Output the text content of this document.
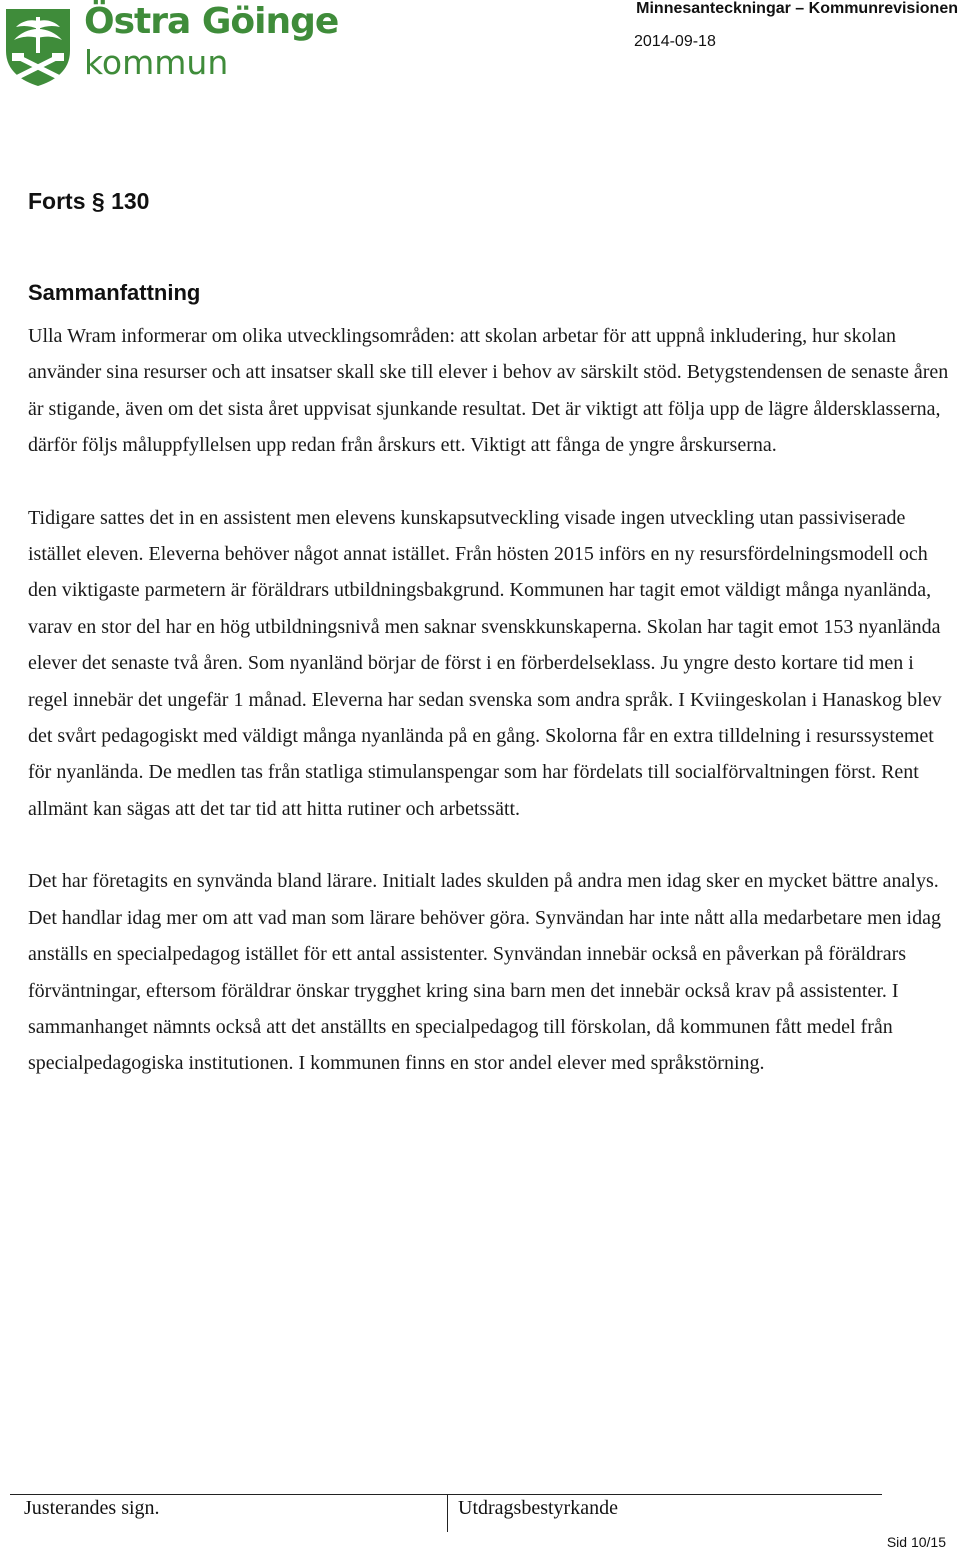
Östra Göinge
kommun
Minnesanteckningar – Kommunrevisionen
2014-09-18
Forts § 130
Sammanfattning

Ulla Wram informerar om olika utvecklingsområden: att skolan arbetar för att uppnå inkludering, hur skolan använder sina resurser och att insatser skall ske till elever i behov av särskilt stöd. Betygstendensen de senaste åren är stigande, även om det sista året uppvisat sjunkande resultat. Det är viktigt att följa upp de lägre åldersklasserna, därför följs måluppfyllelsen upp redan från årskurs ett. Viktigt att fånga de yngre årskurserna.

Tidigare sattes det in en assistent men elevens kunskapsutveckling visade ingen utveckling utan passiviserade istället eleven. Eleverna behöver något annat istället. Från hösten 2015 införs en ny resursfördelningsmodell och den viktigaste parmetern är föräldrars utbildningsbakgrund. Kommunen har tagit emot väldigt många nyanlända, varav en stor del har en hög utbildningsnivå men saknar svenskkunskaperna. Skolan har tagit emot 153 nyanlända elever det senaste två åren. Som nyanländ börjar de först i en förberdelseklass. Ju yngre desto kortare tid men i regel innebär det ungefär 1 månad. Eleverna har sedan svenska som andra språk. I Kviingeskolan i Hanaskog blev det svårt pedagogiskt med väldigt många nyanlända på en gång. Skolorna får en extra tilldelning i resurssystemet för nyanlända. De medlen tas från statliga stimulanspengar som har fördelats till socialförvaltningen först. Rent allmänt kan sägas att det tar tid att hitta rutiner och arbetssätt.

Det har företagits en synvända bland lärare. Initialt lades skulden på andra men idag sker en mycket bättre analys. Det handlar idag mer om att vad man som lärare behöver göra. Synvändan har inte nått alla medarbetare men idag anställs en specialpedagog istället för ett antal assistenter. Synvändan innebär också en påverkan på föräldrars förväntningar, eftersom föräldrar önskar trygghet kring sina barn men det innebär också krav på assistenter. I sammanhanget nämnts också att det anställts en specialpedagog till förskolan, då kommunen fått medel från specialpedagogiska institutionen. I kommunen finns en stor andel elever med språkstörning.

Justerandes sign.	Utdragsbestyrkande
Sid 10/15
